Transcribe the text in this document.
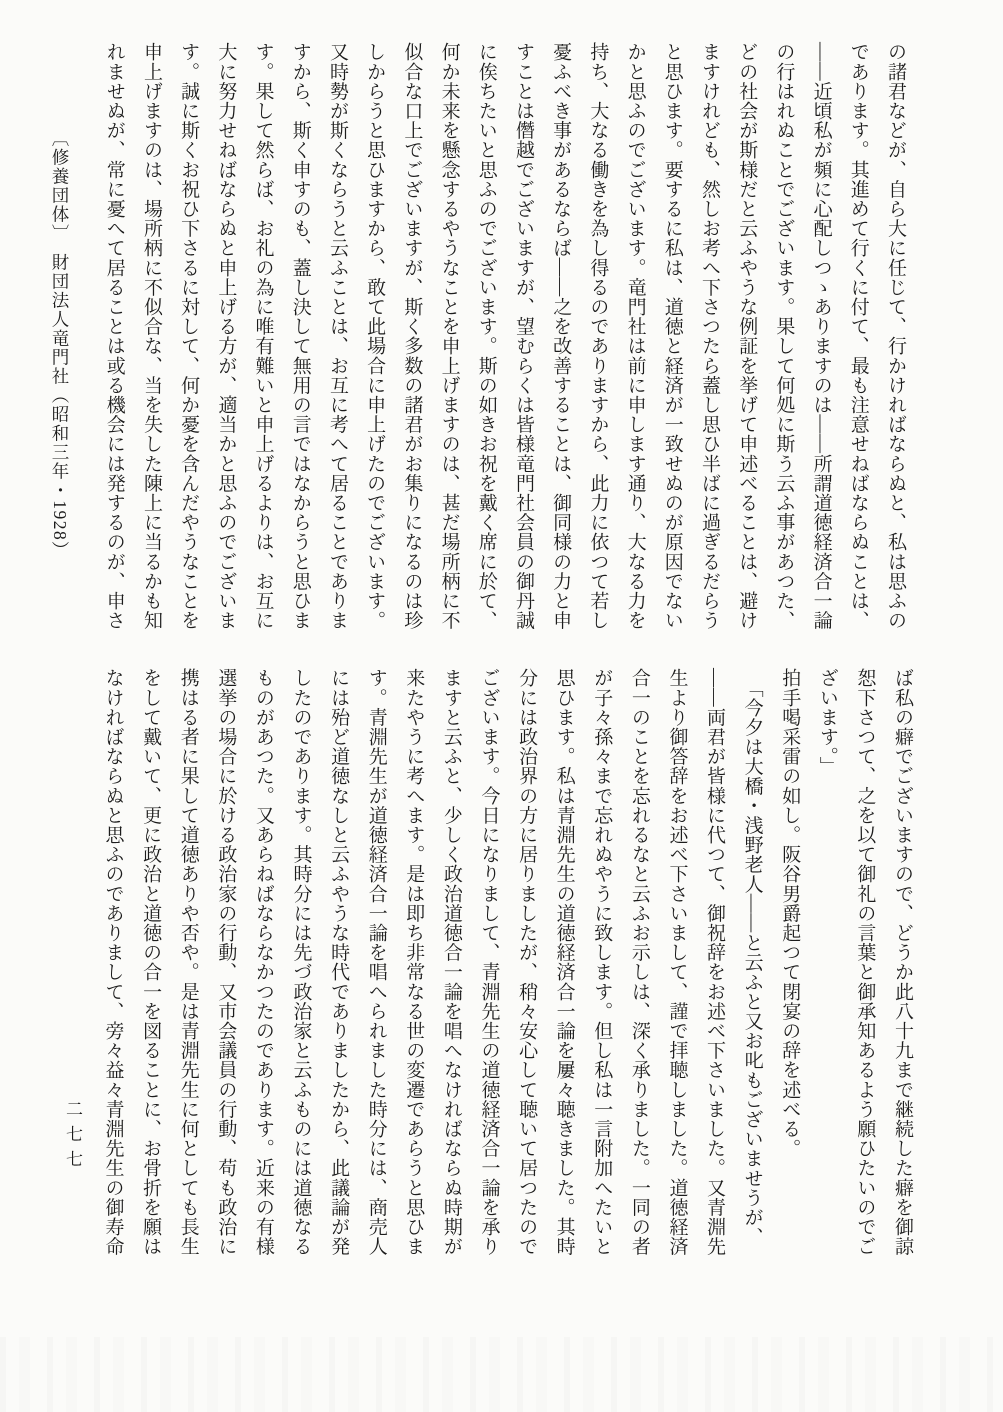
の諸君などが、自ら大に任じて、行かければならぬと、私は思ふの
であります。其進めて行くに付て、最も注意せねばならぬことは、
——近頃私が頻に心配しつゝありますのは——所謂道徳経済合一論
の行はれぬことでございます。果して何処に斯う云ふ事があつた、
どの社会が斯様だと云ふやうな例証を挙げて申述べることは、避け
ますけれども、然しお考へ下さつたら蓋し思ひ半ばに過ぎるだらう
と思ひます。要するに私は、道徳と経済が一致せぬのが原因でない
かと思ふのでございます。竜門社は前に申します通り、大なる力を
持ち、大なる働きを為し得るのでありますから、此力に依つて若し
憂ふべき事があるならば——之を改善することは、御同様の力と申
すことは僭越でございますが、望むらくは皆様竜門社会員の御丹誠
に俟ちたいと思ふのでございます。斯の如きお祝を戴く席に於て、
何か未来を懸念するやうなことを申上げますのは、甚だ場所柄に不
似合な口上でございますが、斯く多数の諸君がお集りになるのは珍
しからうと思ひますから、敢て此場合に申上げたのでございます。
又時勢が斯くならうと云ふことは、お互に考へて居ることでありま
すから、斯く申すのも、蓋し決して無用の言ではなからうと思ひま
す。果して然らば、お礼の為に唯有難いと申上げるよりは、お互に
大に努力せねばならぬと申上げる方が、適当かと思ふのでございま
す。誠に斯くお祝ひ下さるに対して、何か憂を含んだやうなことを
申上げますのは、場所柄に不似合な、当を失した陳上に当るかも知
れませぬが、常に憂へて居ることは或る機会には発するのが、申さ
ば私の癖でございますので、どうか此八十九まで継続した癖を御諒
恕下さつて、之を以て御礼の言葉と御承知あるよう願ひたいのでご
ざいます。」
拍手喝采雷の如し。阪谷男爵起つて閉宴の辞を述べる。
　「今夕は大橋・浅野老人——と云ふと又お叱もございませうが、
——両君が皆様に代つて、御祝辞をお述べ下さいました。又青淵先
生より御答辞をお述べ下さいまして、謹で拝聴しました。道徳経済
合一のことを忘れるなと云ふお示しは、深く承りました。一同の者
が子々孫々まで忘れぬやうに致します。但し私は一言附加へたいと
思ひます。私は青淵先生の道徳経済合一論を屢々聴きました。其時
分には政治界の方に居りましたが、稍々安心して聴いて居つたので
ございます。今日になりまして、青淵先生の道徳経済合一論を承り
ますと云ふと、少しく政治道徳合一論を唱へなければならぬ時期が
来たやうに考へます。是は即ち非常なる世の変遷であらうと思ひま
す。青淵先生が道徳経済合一論を唱へられました時分には、商売人
には殆ど道徳なしと云ふやうな時代でありましたから、此議論が発
したのであります。其時分には先づ政治家と云ふものには道徳なる
ものがあつた。又あらねばならなかつたのであります。近来の有様
選挙の場合に於ける政治家の行動、又市会議員の行動、苟も政治に
携はる者に果して道徳ありや否や。是は青淵先生に何としても長生
をして戴いて、更に政治と道徳の合一を図ることに、お骨折を願は
なければならぬと思ふのでありまして、旁々益々青淵先生の御寿命
〔修養団体〕　財団法人竜門社（昭和三年・1928）
二七七
